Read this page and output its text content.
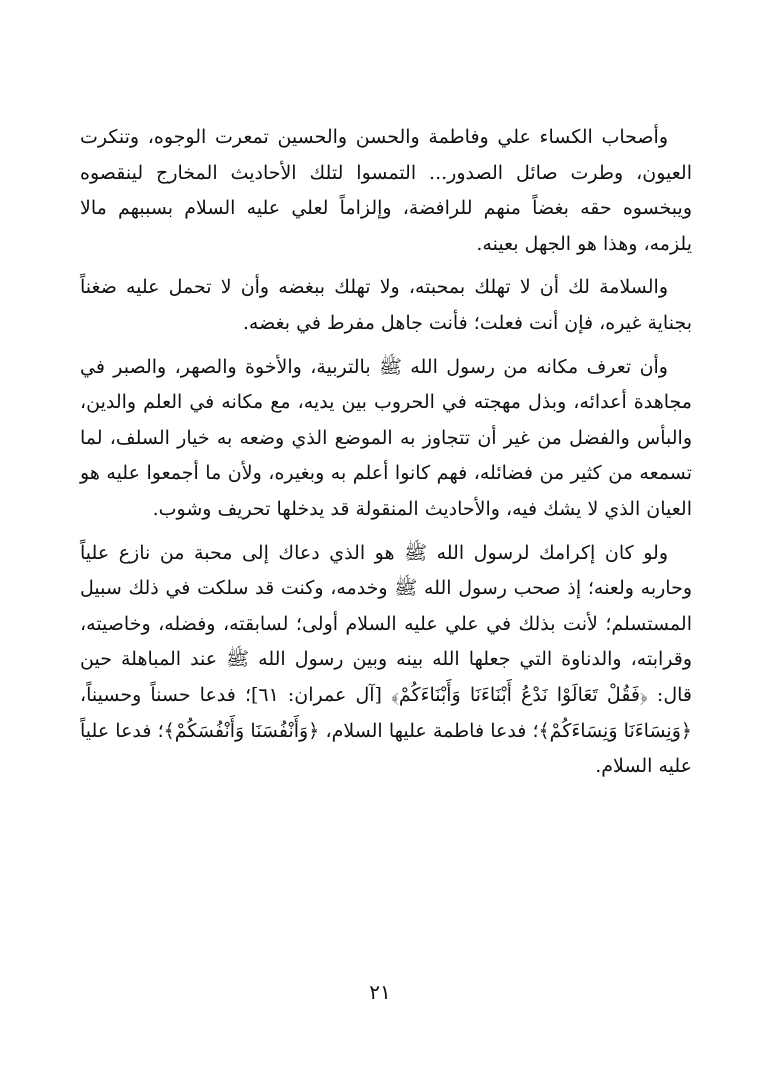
وأصحاب الكساء علي وفاطمة والحسن والحسين تمعرت الوجوه، وتنكرت العيون، وطرت صائل الصدور... التمسوا لتلك الأحاديث المخارج لينقصوه ويبخسوه حقه بغضاً منهم للرافضة، وإلزاماً لعلي عليه السلام بسببهم مالا يلزمه، وهذا هو الجهل بعينه.

والسلامة لك أن لا تهلك بمحبته، ولا تهلك ببغضه وأن لا تحمل عليه ضغناً بجناية غيره، فإن أنت فعلت؛ فأنت جاهل مفرط في بغضه.

وأن تعرف مكانه من رسول الله ﷺ بالتربية، والأخوة والصهر، والصبر في مجاهدة أعدائه، وبذل مهجته في الحروب بين يديه، مع مكانه في العلم والدين، والبأس والفضل من غير أن تتجاوز به الموضع الذي وضعه به خيار السلف، لما تسمعه من كثير من فضائله، فهم كانوا أعلم به وبغيره، ولأن ما أجمعوا عليه هو العيان الذي لا يشك فيه، والأحاديث المنقولة قد يدخلها تحريف وشوب.

ولو كان إكرامك لرسول الله ﷺ هو الذي دعاك إلى محبة من نازع علياً وحاربه ولعنه؛ إذ صحب رسول الله ﷺ وخدمه، وكنت قد سلكت في ذلك سبيل المستسلم؛ لأنت بذلك في علي عليه السلام أولى؛ لسابقته، وفضله، وخاصيته، وقرابته، والدناوة التي جعلها الله بينه وبين رسول الله ﷺ عند المباهلة حين قال: ﴿فَقُلْ تَعَالَوْا نَدْعُ أَبْنَاءَنَا وَأَبْنَاءَكُمْ﴾ [آل عمران: ٦١]؛ فدعا حسناً وحسيناً، ﴿وَنِسَاءَنَا وَنِسَاءَكُمْ﴾؛ فدعا فاطمة عليها السلام، ﴿وَأَنْفُسَنَا وَأَنْفُسَكُمْ﴾؛ فدعا علياً عليه السلام.

٢١
